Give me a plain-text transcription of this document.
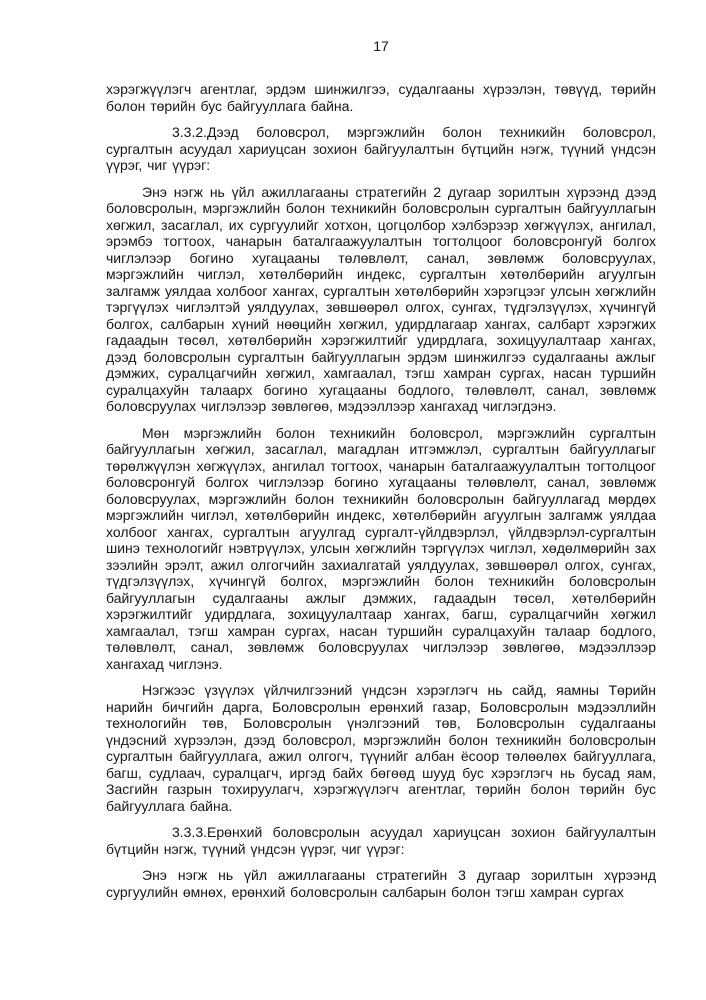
17

хэрэгжүүлэгч агентлаг, эрдэм шинжилгээ, судалгааны хүрээлэн, төвүүд, төрийн болон төрийн бус байгууллага байна.

3.3.2.Дээд боловсрол, мэргэжлийн болон техникийн боловсрол, сургалтын асуудал хариуцсан зохион байгуулалтын бүтцийн нэгж, түүний үндсэн үүрэг, чиг үүрэг:

Энэ нэгж нь үйл ажиллагааны стратегийн 2 дугаар зорилтын хүрээнд дээд боловсролын, мэргэжлийн болон техникийн боловсролын сургалтын байгууллагын хөгжил, засаглал, их сургуулийг хотхон, цогцолбор хэлбэрээр хөгжүүлэх, ангилал, эрэмбэ тогтоох, чанарын баталгаажуулалтын тогтолцоог боловсронгуй болгох чиглэлээр богино хугацааны төлөвлөлт, санал, зөвлөмж боловсруулах, мэргэжлийн чиглэл, хөтөлбөрийн индекс, сургалтын хөтөлбөрийн агуулгын залгамж уялдаа холбоог хангах, сургалтын хөтөлбөрийн хэрэгцээг улсын хөгжлийн тэргүүлэх чиглэлтэй уялдуулах, зөвшөөрөл олгох, сунгах, түдгэлзүүлэх, хүчингүй болгох, салбарын хүний нөөцийн хөгжил, удирдлагаар хангах, салбарт хэрэгжих гадаадын төсөл, хөтөлбөрийн хэрэгжилтийг удирдлага, зохицуулалтаар хангах, дээд боловсролын сургалтын байгууллагын эрдэм шинжилгээ судалгааны ажлыг дэмжих, суралцагчийн хөгжил, хамгаалал, тэгш хамран сургах, насан туршийн суралцахуйн талаарх богино хугацааны бодлого, төлөвлөлт, санал, зөвлөмж боловсруулах чиглэлээр зөвлөгөө, мэдээллээр хангахад чиглэгдэнэ.

Мөн мэргэжлийн болон техникийн боловсрол, мэргэжлийн сургалтын байгууллагын хөгжил, засаглал, магадлан итгэмжлэл, сургалтын байгууллагыг төрөлжүүлэн хөгжүүлэх, ангилал тогтоох, чанарын баталгаажуулалтын тогтолцоог боловсронгуй болгох чиглэлээр богино хугацааны төлөвлөлт, санал, зөвлөмж боловсруулах, мэргэжлийн болон техникийн боловсролын байгууллагад мөрдөх мэргэжлийн чиглэл, хөтөлбөрийн индекс, хөтөлбөрийн агуулгын залгамж уялдаа холбоог хангах, сургалтын агуулгад сургалт-үйлдвэрлэл, үйлдвэрлэл-сургалтын шинэ технологийг нэвтрүүлэх, улсын хөгжлийн тэргүүлэх чиглэл, хөдөлмөрийн зах зээлийн эрэлт, ажил олгогчийн захиалгатай уялдуулах, зөвшөөрөл олгох, сунгах, түдгэлзүүлэх, хүчингүй болгох, мэргэжлийн болон техникийн боловсролын байгууллагын судалгааны ажлыг дэмжих, гадаадын төсөл, хөтөлбөрийн хэрэгжилтийг удирдлага, зохицуулалтаар хангах, багш, суралцагчийн хөгжил хамгаалал, тэгш хамран сургах, насан туршийн суралцахуйн талаар бодлого, төлөвлөлт, санал, зөвлөмж боловсруулах чиглэлээр зөвлөгөө, мэдээллээр хангахад чиглэнэ.

Нэгжээс үзүүлэх үйлчилгээний үндсэн хэрэглэгч нь сайд, яамны Төрийн нарийн бичгийн дарга, Боловсролын ерөнхий газар, Боловсролын мэдээллийн технологийн төв, Боловсролын үнэлгээний төв, Боловсролын судалгааны үндэсний хүрээлэн, дээд боловсрол, мэргэжлийн болон техникийн боловсролын сургалтын байгууллага, ажил олгогч, түүнийг албан ёсоор төлөөлөх байгууллага, багш, судлаач, суралцагч, иргэд байх бөгөөд шууд бус хэрэглэгч нь бусад яам, Засгийн газрын тохируулагч, хэрэгжүүлэгч агентлаг, төрийн болон төрийн бус байгууллага байна.

3.3.3.Ерөнхий боловсролын асуудал хариуцсан зохион байгуулалтын бүтцийн нэгж, түүний үндсэн үүрэг, чиг үүрэг:

Энэ нэгж нь үйл ажиллагааны стратегийн 3 дугаар зорилтын хүрээнд сургуулийн өмнөх, ерөнхий боловсролын салбарын болон тэгш хамран сургах
